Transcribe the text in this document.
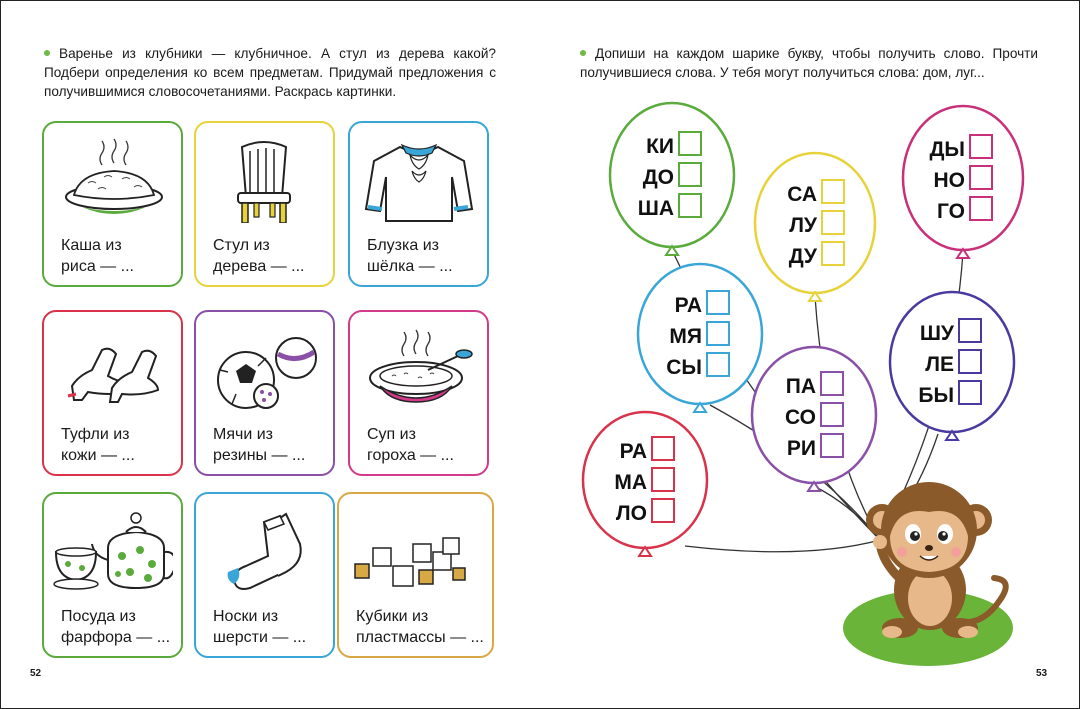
Варенье из клубники — клубничное. А стул из дерева какой? Подбери определения ко всем предметам. Придумай предложения с получившимися словосочетаниями. Раскрась картинки.
Допиши на каждом шарике букву, чтобы получить слово. Прочти получившиеся слова. У тебя могут получиться слова: дом, луг...
Каша из
риса — ...
Стул из
дерева — ...
Блузка из
шёлка — ...
Туфли из
кожи — ...
Мячи из
резины — ...
Суп из
гороха — ...
Посуда из
фарфора — ...
Носки из
шерсти — ...
Кубики из
пластмассы — ...
КИ
ДО
ША
СА
ЛУ
ДУ
ДЫ
НО
ГО
РА
МЯ
СЫ
ПА
СО
РИ
ШУ
ЛЕ
БЫ
РА
МА
ЛО
52	53
